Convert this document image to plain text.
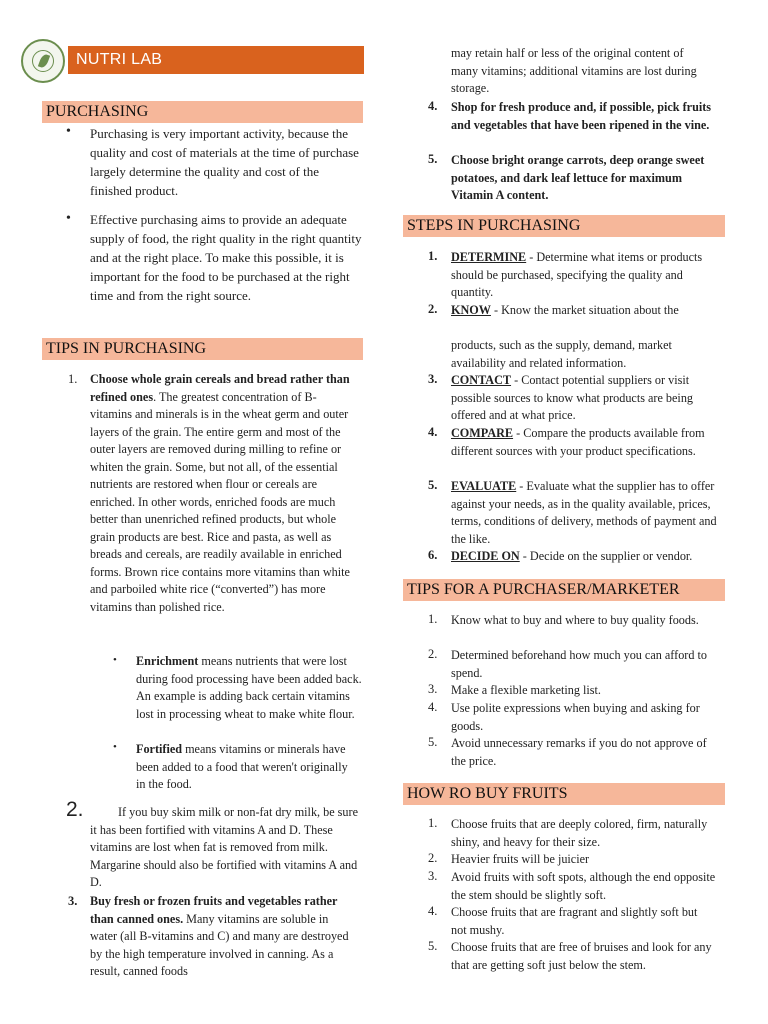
NUTRI LAB
PURCHASING
• Purchasing is very important activity, because the quality and cost of materials at the time of purchase largely determine the quality and cost of the finished product.

• Effective purchasing aims to provide an adequate supply of food, the right quality in the right quantity and at the right place. To make this possible, it is important for the food to be purchased at the right time and from the right source.

TIPS IN PURCHASING
1. Choose whole grain cereals and bread rather than refined ones. The greatest concentration of B-vitamins and minerals is in the wheat germ and outer layers of the grain. The entire germ and most of the outer layers are removed during milling to refine or whiten the grain. Some, but not all, of the essential nutrients are restored when flour or cereals are enriched. In other words, enriched foods are much better than unenriched refined products, but whole grain products are best. Rice and pasta, as well as breads and cereals, are readily available in enriched forms. Brown rice contains more vitamins than white and parboiled white rice (“converted”) has more vitamins than polished rice.

• Enrichment means nutrients that were lost during food processing have been added back. An example is adding back certain vitamins lost in processing wheat to make white flour.

• Fortified means vitamins or minerals have been added to a food that weren't originally in the food.

2.	If you buy skim milk or non-fat dry milk, be sure it has been fortified with vitamins A and D. These vitamins are lost when fat is removed from milk. Margarine should also be fortified with vitamins A and D.

3. Buy fresh or frozen fruits and vegetables rather than canned ones. Many vitamins are soluble in water (all B-vitamins and C) and many are destroyed by the high temperature involved in canning. As a result, canned foods

may retain half or less of the original content of many vitamins; additional vitamins are lost during storage.

4. Shop for fresh produce and, if possible, pick fruits and vegetables that have been ripened in the vine.

5. Choose bright orange carrots, deep orange sweet potatoes, and dark leaf lettuce for maximum Vitamin A content.

STEPS IN PURCHASING
1. DETERMINE - Determine what items or products should be purchased, specifying the quality and quantity.

2. KNOW - Know the market situation about the

products, such as the supply, demand, market availability and related information.

3. CONTACT - Contact potential suppliers or visit possible sources to know what products are being offered and at what price.

4. COMPARE - Compare the products available from different sources with your product specifications.

5. EVALUATE - Evaluate what the supplier has to offer against your needs, as in the quality available, prices, terms, conditions of delivery, methods of payment and the like.

6. DECIDE ON - Decide on the supplier or vendor.

TIPS FOR A PURCHASER/MARKETER
1. Know what to buy and where to buy quality foods.

2. Determined beforehand how much you can afford to spend.

3. Make a flexible marketing list.

4. Use polite expressions when buying and asking for goods.

5. Avoid unnecessary remarks if you do not approve of the price.

HOW RO BUY FRUITS
1. Choose fruits that are deeply colored, firm, naturally shiny, and heavy for their size.

2. Heavier fruits will be juicier

3. Avoid fruits with soft spots, although the end opposite the stem should be slightly soft.

4. Choose fruits that are fragrant and slightly soft but not mushy.

5. Choose fruits that are free of bruises and look for any that are getting soft just below the stem.
